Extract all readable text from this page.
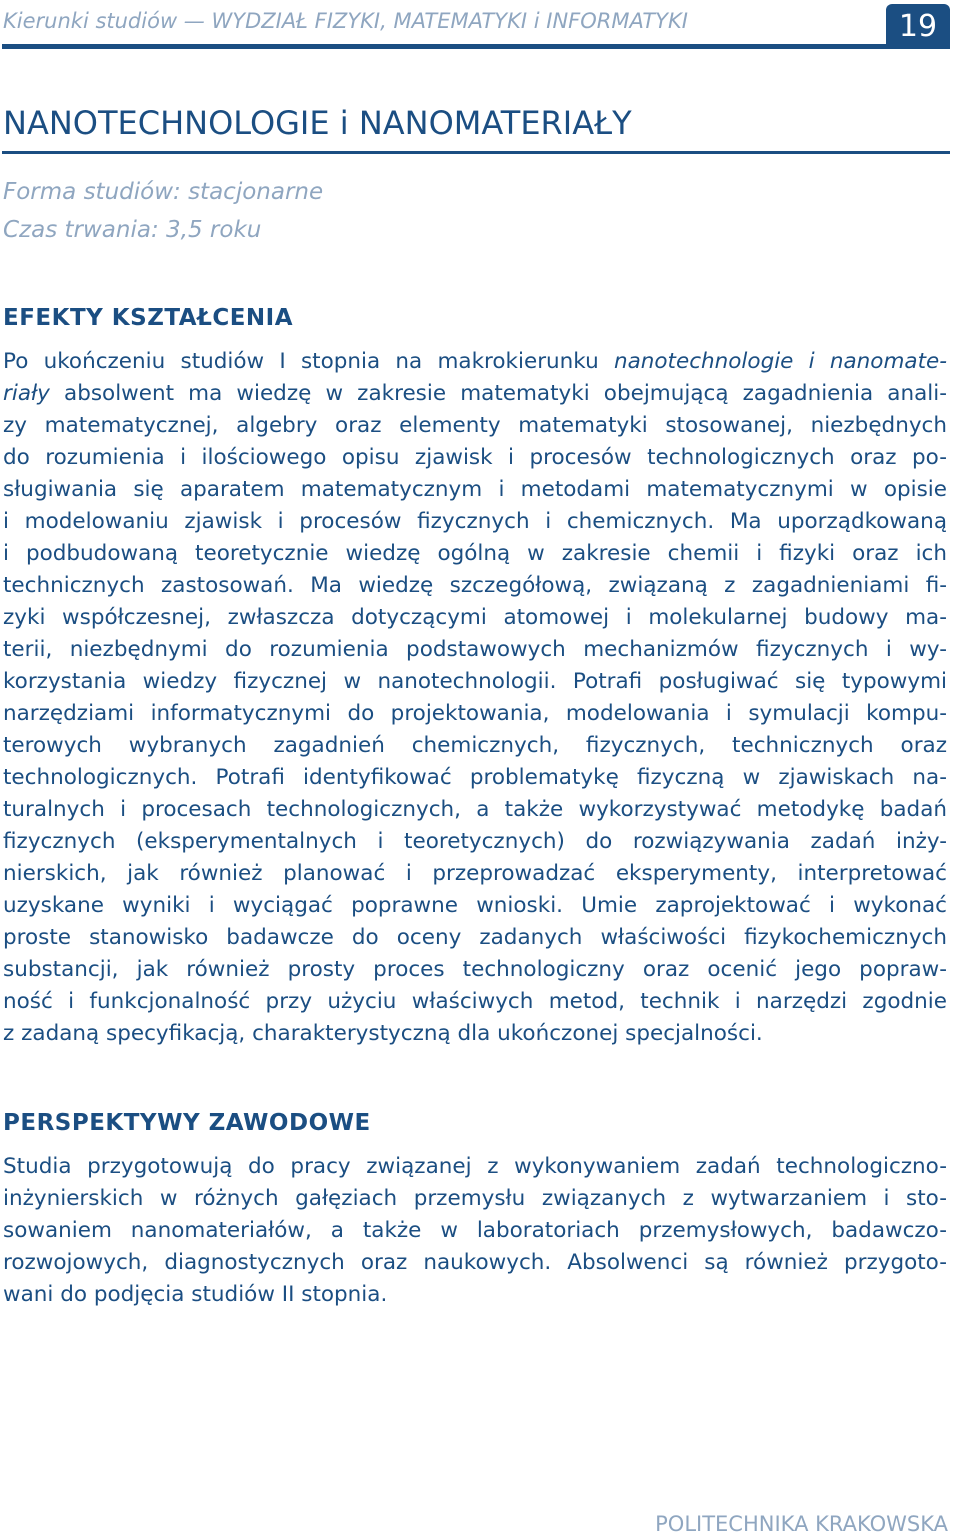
Kierunki studiów — WYDZIAŁ FIZYKI, MATEMATYKI i INFORMATYKI	19
NANOTECHNOLOGIE i NANOMATERIAŁY
Forma studiów: stacjonarne
Czas trwania: 3,5 roku
EFEKTY KSZTAŁCENIA
Po ukończeniu studiów I stopnia na makrokierunku nanotechnologie i nanomate-
riały absolwent ma wiedzę w zakresie matematyki obejmującą zagadnienia anali-
zy matematycznej, algebry oraz elementy matematyki stosowanej, niezbędnych
do rozumienia i ilościowego opisu zjawisk i procesów technologicznych oraz po-
sługiwania się aparatem matematycznym i metodami matematycznymi w opisie
i modelowaniu zjawisk i procesów fizycznych i chemicznych. Ma uporządkowaną
i podbudowaną teoretycznie wiedzę ogólną w zakresie chemii i fizyki oraz ich
technicznych zastosowań. Ma wiedzę szczegółową, związaną z zagadnieniami fi-
zyki współczesnej, zwłaszcza dotyczącymi atomowej i molekularnej budowy ma-
terii, niezbędnymi do rozumienia podstawowych mechanizmów fizycznych i wy-
korzystania wiedzy fizycznej w nanotechnologii. Potrafi posługiwać się typowymi
narzędziami informatycznymi do projektowania, modelowania i symulacji kompu-
terowych wybranych zagadnień chemicznych, fizycznych, technicznych oraz
technologicznych. Potrafi identyfikować problematykę fizyczną w zjawiskach na-
turalnych i procesach technologicznych, a także wykorzystywać metodykę badań
fizycznych (eksperymentalnych i teoretycznych) do rozwiązywania zadań inży-
nierskich, jak również planować i przeprowadzać eksperymenty, interpretować
uzyskane wyniki i wyciągać poprawne wnioski. Umie zaprojektować i wykonać
proste stanowisko badawcze do oceny zadanych właściwości fizykochemicznych
substancji, jak również prosty proces technologiczny oraz ocenić jego popraw-
ność i funkcjonalność przy użyciu właściwych metod, technik i narzędzi zgodnie
z zadaną specyfikacją, charakterystyczną dla ukończonej specjalności.
PERSPEKTYWY ZAWODOWE
Studia przygotowują do pracy związanej z wykonywaniem zadań technologiczno-
inżynierskich w różnych gałęziach przemysłu związanych z wytwarzaniem i sto-
sowaniem nanomateriałów, a także w laboratoriach przemysłowych, badawczo-
rozwojowych, diagnostycznych oraz naukowych. Absolwenci są również przygoto-
wani do podjęcia studiów II stopnia.
POLITECHNIKA KRAKOWSKA
